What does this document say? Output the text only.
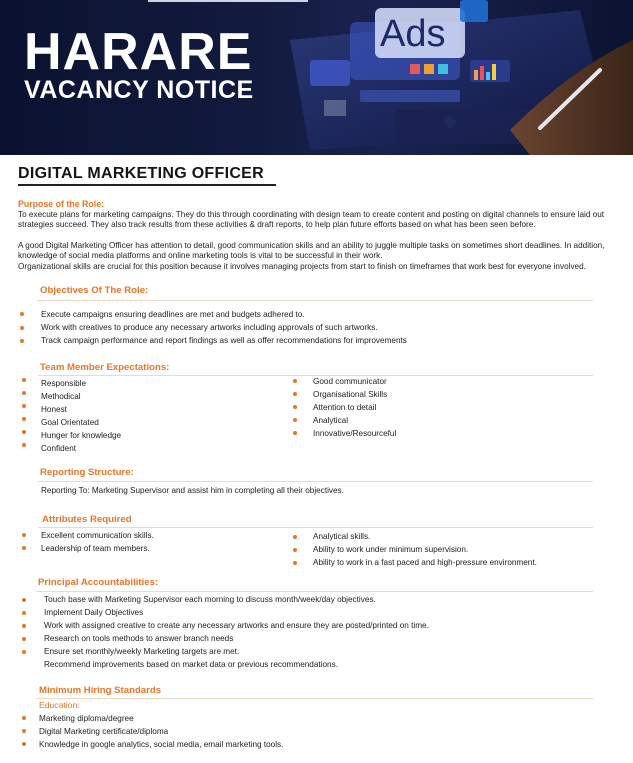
HARARE
VACANCY NOTICE
Ads
DIGITAL MARKETING OFFICER

Purpose of the Role:

To execute plans for marketing campaigns. They do this through coordinating with design team to create content and posting on digital channels to ensure laid out strategies succeed. They also track results from these activities & draft reports, to help plan future efforts based on what has been seen before.

A good Digital Marketing Officer has attention to detail, good communication skills and an ability to juggle multiple tasks on sometimes short deadlines. In addition, knowledge of social media platforms and online marketing tools is vital to be successful in their work.

Organizational skills are crucial for this position because it involves managing projects from start to finish on timeframes that work best for everyone involved.

Objectives Of The Role:
Execute campaigns ensuring deadlines are met and budgets adhered to.
Work with creatives to produce any necessary artworks including approvals of such artworks.
Track campaign performance and report findings as well as offer recommendations for improvements
Team Member Expectations:
Responsible
Methodical
Honest
Goal Orientated
Hunger for knowledge
Confident
Good communicator
Organisational Skills
Attention to detail
Analytical
Innovative/Resourceful
Reporting Structure:
Reporting To: Marketing Supervisor and assist him in completing all their objectives.
Attributes Required
Excellent communication skills.
Leadership of team members.
Analytical skills.
Ability to work under minimum supervision.
Ability to work in a fast paced and high-pressure environment.
Principal Accountabilities:
Touch base with Marketing Supervisor each morning to discuss month/week/day objectives.
Implement Daily Objectives
Work with assigned creative to create any necessary artworks and ensure they are posted/printed on time.
Research on tools methods to answer branch needs
Ensure set monthly/weekly Marketing targets are met.
Recommend improvements based on market data or previous recommendations.
Minimum Hiring Standards
Education:
Marketing diploma/degree
Digital Marketing certificate/diploma
Knowledge in google analytics, social media, email marketing tools.
